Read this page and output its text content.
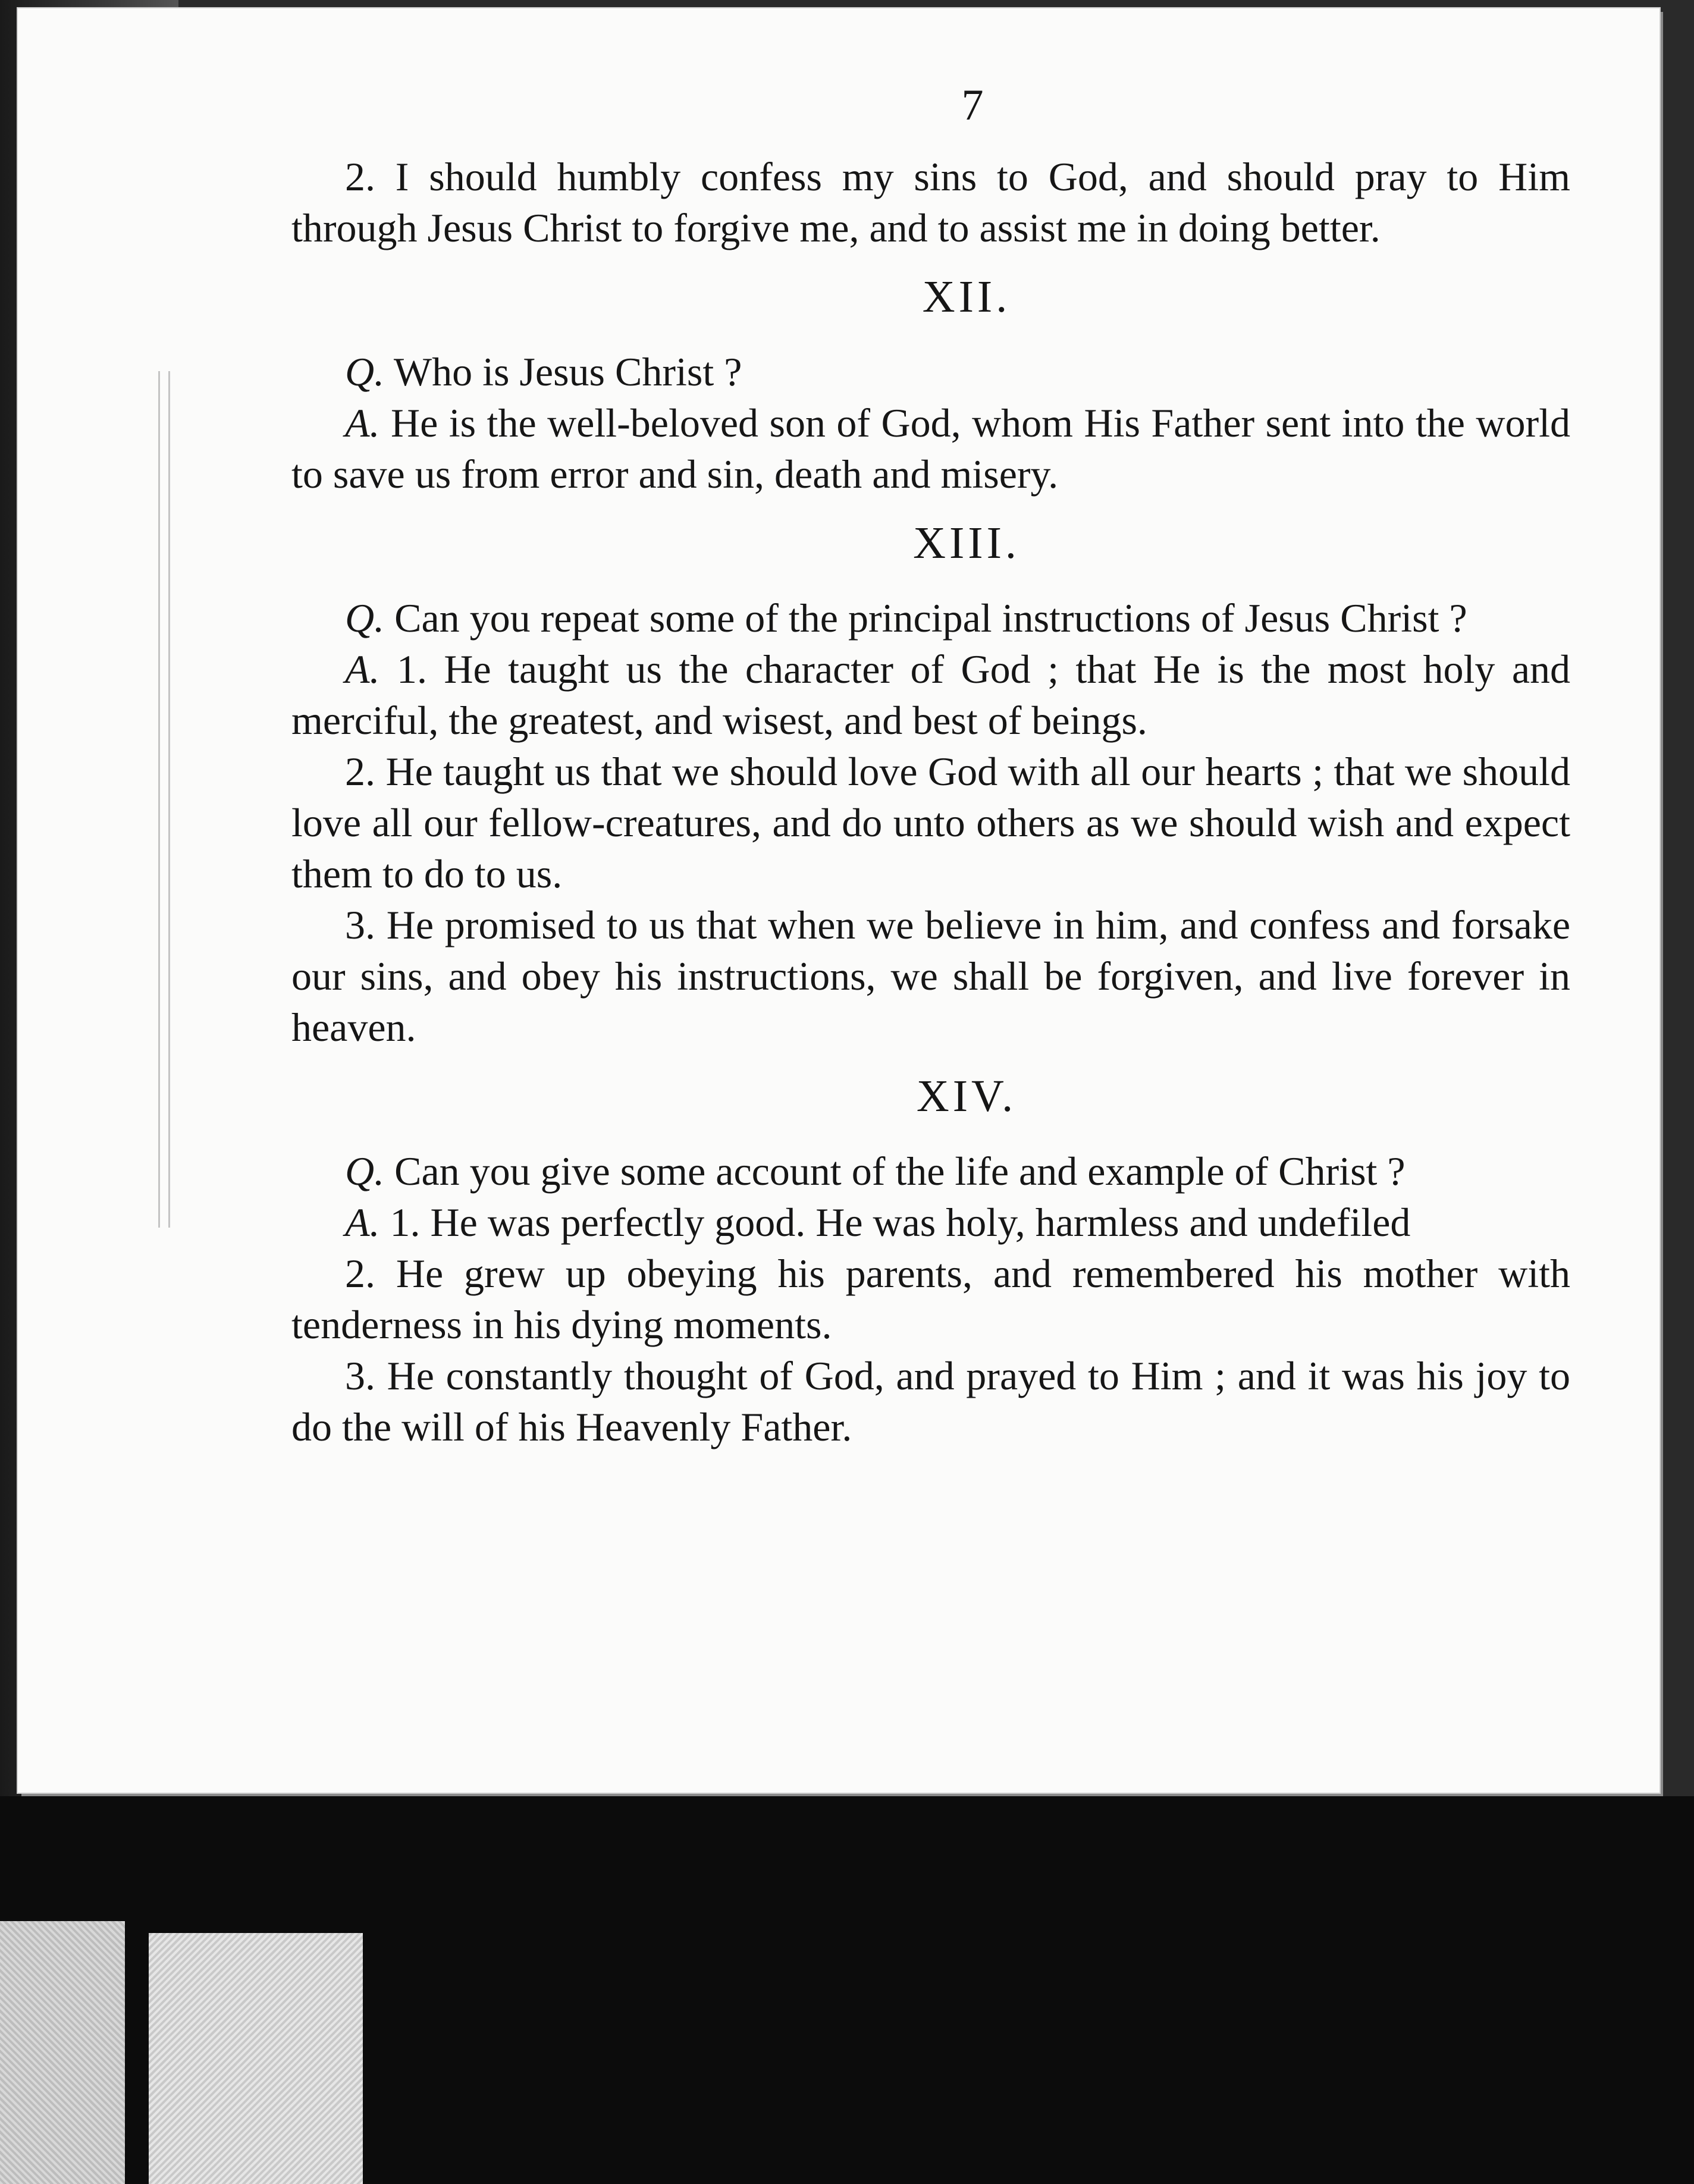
7

2. I should humbly confess my sins to God, and should pray to Him through Jesus Christ to forgive me, and to assist me in doing better.

XII.

Q. Who is Jesus Christ ?

A. He is the well-beloved son of God, whom His Father sent into the world to save us from error and sin, death and misery.

XIII.

Q. Can you repeat some of the principal instructions of Jesus Christ ?

A. 1. He taught us the character of God ; that He is the most holy and merciful, the greatest, and wisest, and best of beings.

2. He taught us that we should love God with all our hearts ; that we should love all our fellow-creatures, and do unto others as we should wish and expect them to do to us.

3. He promised to us that when we believe in him, and confess and forsake our sins, and obey his instructions, we shall be forgiven, and live forever in heaven.

XIV.

Q. Can you give some account of the life and example of Christ ?

A. 1. He was perfectly good. He was holy, harmless and undefiled

2. He grew up obeying his parents, and remembered his mother with tenderness in his dying moments.

3. He constantly thought of God, and prayed to Him ; and it was his joy to do the will of his Heavenly Father.
